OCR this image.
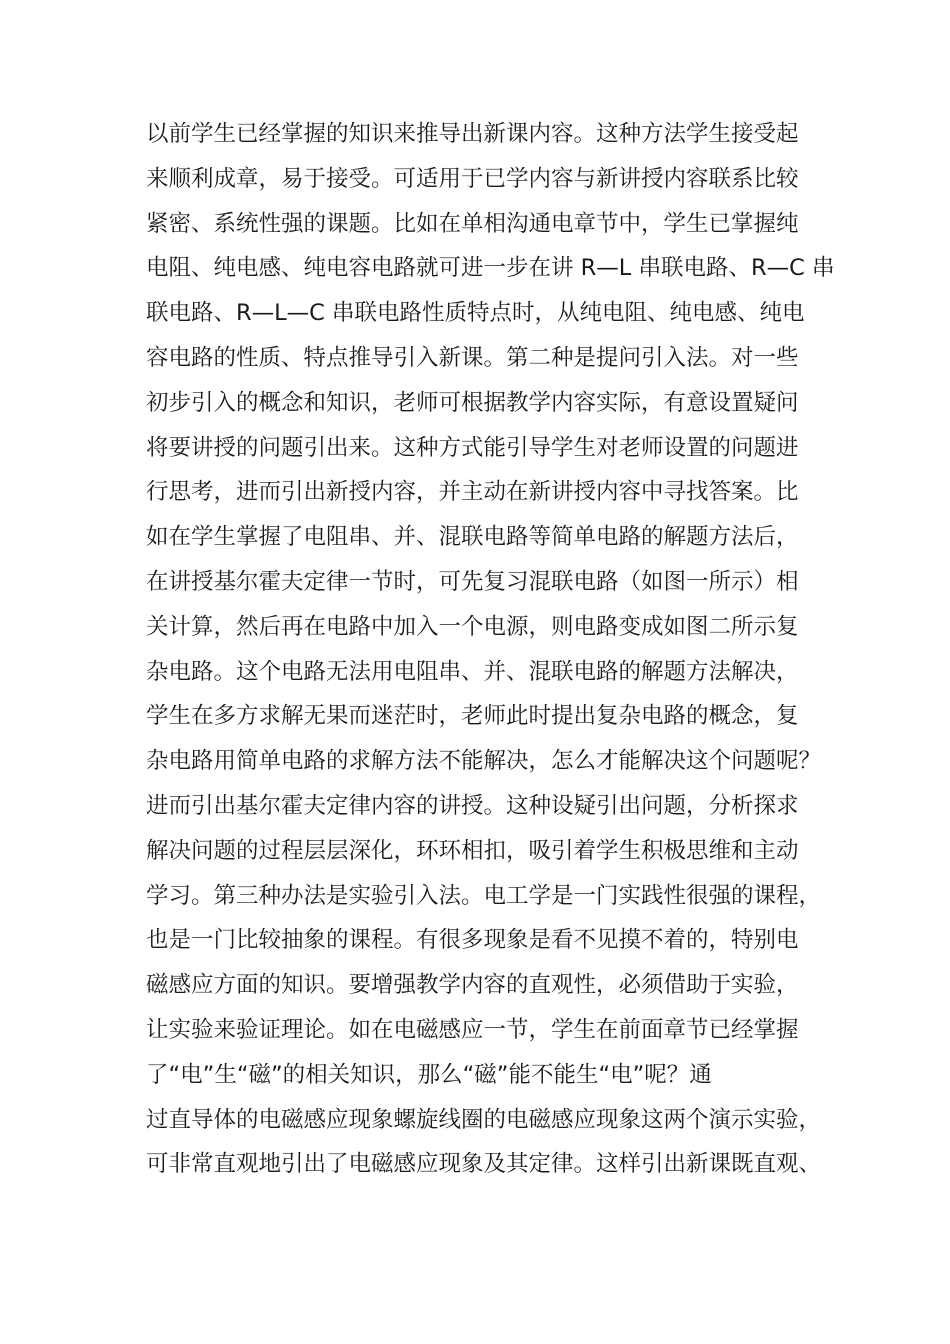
以前学生已经掌握的知识来推导出新课内容。这种方法学生接受起
来顺利成章，易于接受。可适用于已学内容与新讲授内容联系比较
紧密、系统性强的课题。比如在单相沟通电章节中，学生已掌握纯
电阻、纯电感、纯电容电路就可进一步在讲 R—L 串联电路、R—C 串
联电路、R—L—C 串联电路性质特点时，从纯电阻、纯电感、纯电
容电路的性质、特点推导引入新课。第二种是提问引入法。对一些
初步引入的概念和知识，老师可根据教学内容实际，有意设置疑问
将要讲授的问题引出来。这种方式能引导学生对老师设置的问题进
行思考，进而引出新授内容，并主动在新讲授内容中寻找答案。比
如在学生掌握了电阻串、并、混联电路等简单电路的解题方法后，
在讲授基尔霍夫定律一节时，可先复习混联电路（如图一所示）相
关计算，然后再在电路中加入一个电源，则电路变成如图二所示复
杂电路。这个电路无法用电阻串、并、混联电路的解题方法解决，
学生在多方求解无果而迷茫时，老师此时提出复杂电路的概念，复
杂电路用简单电路的求解方法不能解决，怎么才能解决这个问题呢？
进而引出基尔霍夫定律内容的讲授。这种设疑引出问题，分析探求
解决问题的过程层层深化，环环相扣，吸引着学生积极思维和主动
学习。第三种办法是实验引入法。电工学是一门实践性很强的课程，
也是一门比较抽象的课程。有很多现象是看不见摸不着的，特别电
磁感应方面的知识。要增强教学内容的直观性，必须借助于实验，
让实验来验证理论。如在电磁感应一节，学生在前面章节已经掌握
了“电”生“磁”的相关知识，那么“磁”能不能生“电”呢？通
过直导体的电磁感应现象螺旋线圈的电磁感应现象这两个演示实验，
可非常直观地引出了电磁感应现象及其定律。这样引出新课既直观、
